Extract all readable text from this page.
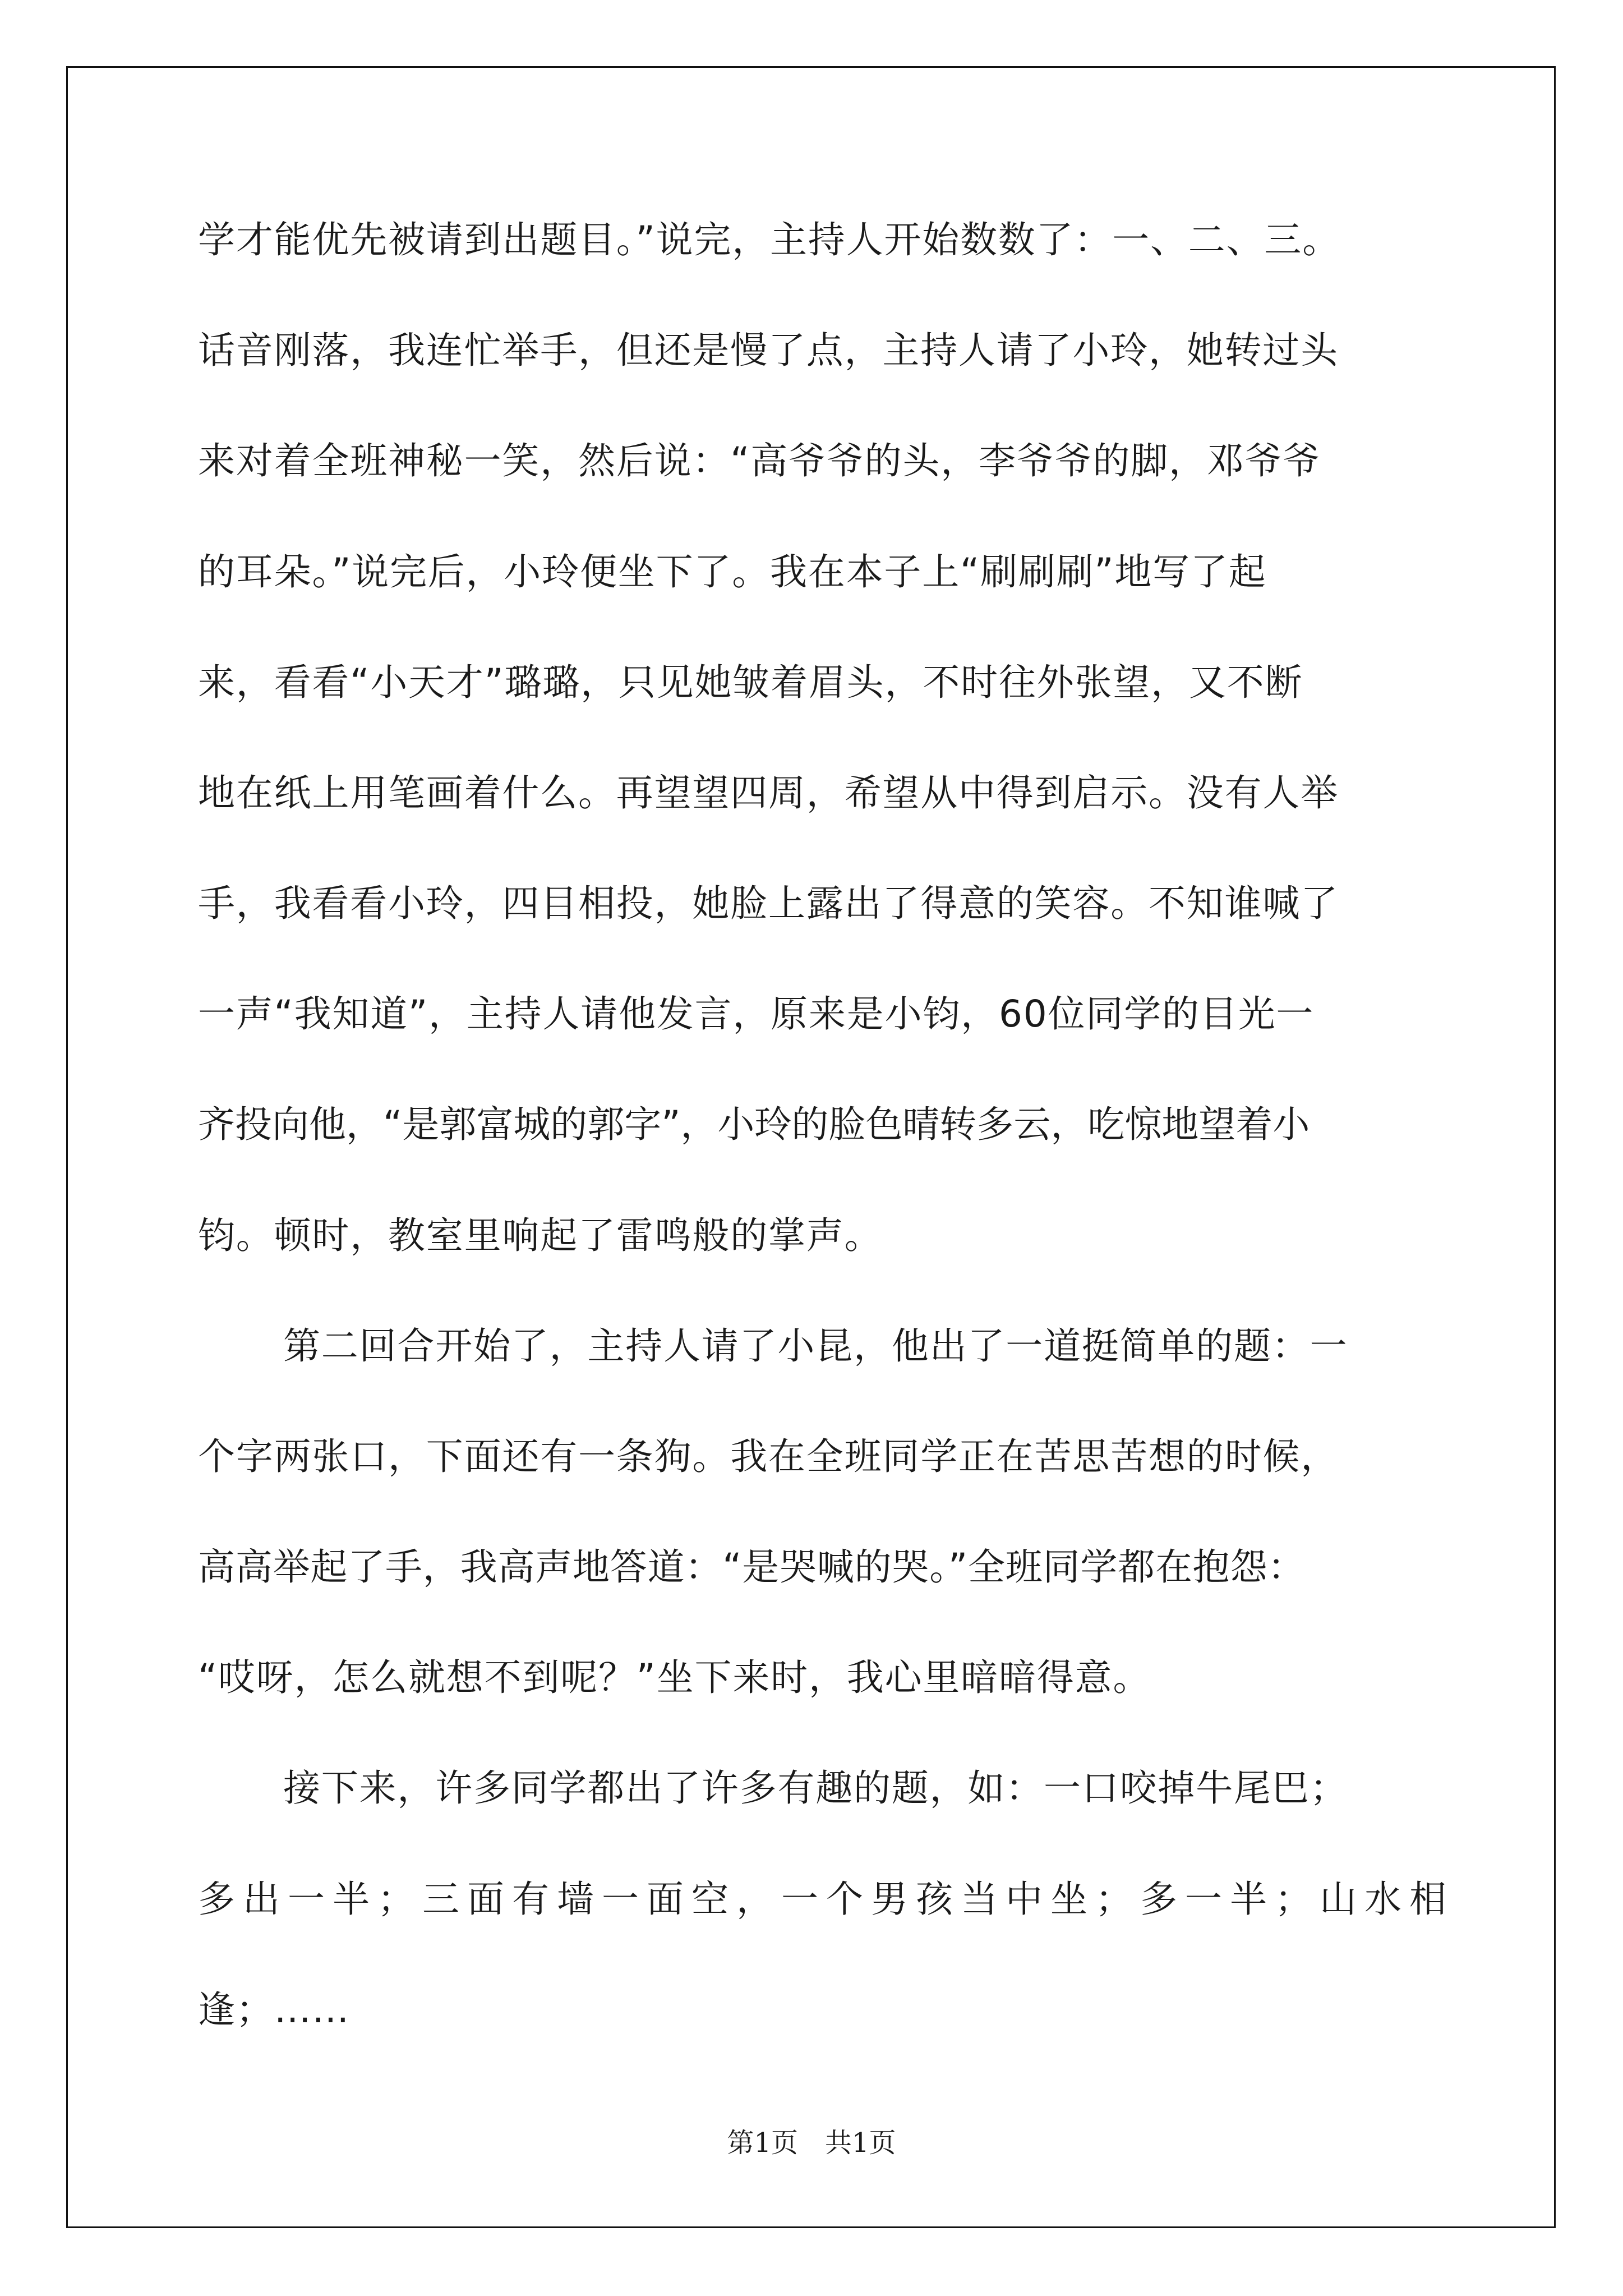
学才能优先被请到出题目。”说完，主持人开始数数了：一、二、三。
话音刚落，我连忙举手，但还是慢了点，主持人请了小玲，她转过头
来对着全班神秘一笑，然后说：“高爷爷的头，李爷爷的脚，邓爷爷
的耳朵。”说完后，小玲便坐下了。我在本子上“刷刷刷”地写了起
来，看看“小天才”璐璐，只见她皱着眉头，不时往外张望，又不断
地在纸上用笔画着什么。再望望四周，希望从中得到启示。没有人举
手，我看看小玲，四目相投，她脸上露出了得意的笑容。不知谁喊了
一声“我知道”，主持人请他发言，原来是小钧，60位同学的目光一
齐投向他，“是郭富城的郭字”，小玲的脸色晴转多云，吃惊地望着小
钧。顿时，教室里响起了雷鸣般的掌声。
第二回合开始了，主持人请了小昆，他出了一道挺简单的题：一
个字两张口，下面还有一条狗。我在全班同学正在苦思苦想的时候，
高高举起了手，我高声地答道：“是哭喊的哭。”全班同学都在抱怨：
“哎呀，怎么就想不到呢？”坐下来时，我心里暗暗得意。
接下来，许多同学都出了许多有趣的题，如：一口咬掉牛尾巴；
多出一半；三面有墙一面空，一个男孩当中坐；多一半；山水相
逢；……
第1页　共1页
